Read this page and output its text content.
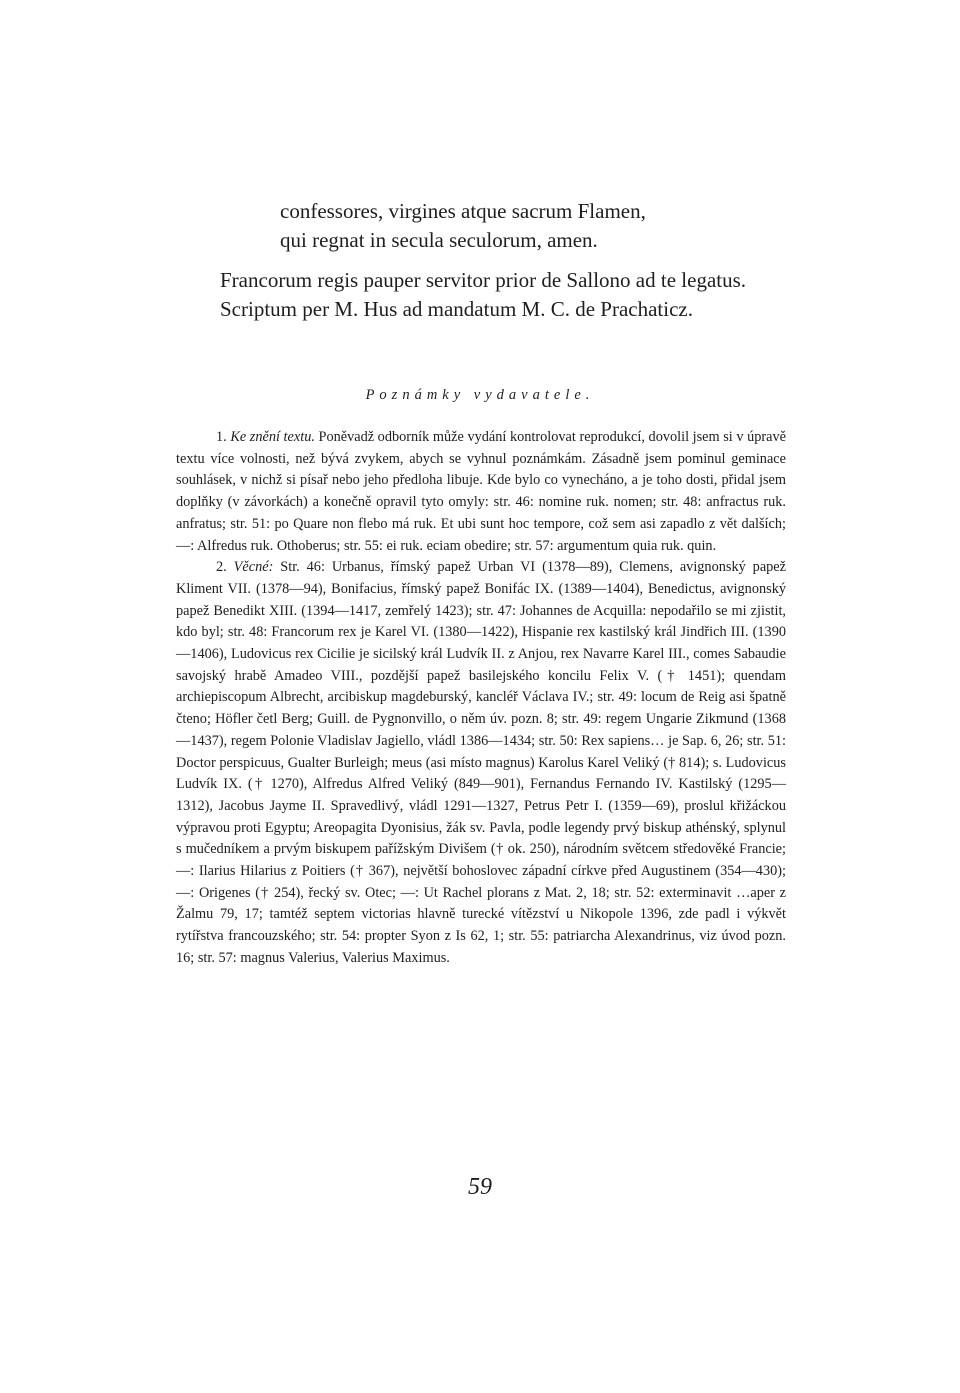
confessores, virgines atque sacrum Flamen,
qui regnat in secula seculorum, amen.

Francorum regis pauper servitor prior de Sallono ad te legatus.

Scriptum per M. Hus ad mandatum M. C. de Prachaticz.

Poznámky vydavatele.

1. Ke znění textu. Poněvadž odborník může vydání kontrolovat reprodukcí, dovolil jsem si v úpravě textu více volnosti, než bývá zvykem, abych se vyhnul poznámkám. Zásadně jsem pominul geminace souhlásek, v nichž si písař nebo jeho předloha libuje. Kde bylo co vynecháno, a je toho dosti, přidal jsem doplňky (v závorkách) a konečně opravil tyto omyly: str. 46: nomine ruk. nomen; str. 48: anfractus ruk. anfratus; str. 51: po Quare non flebo má ruk. Et ubi sunt hoc tempore, což sem asi zapadlo z vět dalších; —: Alfredus ruk. Othoberus; str. 55: ei ruk. eciam obedire; str. 57: argumentum quia ruk. quin.

2. Věcné: Str. 46: Urbanus, římský papež Urban VI (1378—89), Clemens, avignonský papež Kliment VII. (1378—94), Bonifacius, římský papež Bonifác IX. (1389—1404), Benedictus, avignonský papež Benedikt XIII. (1394—1417, zemřelý 1423); str. 47: Johannes de Acquilla: nepodařilo se mi zjistit, kdo byl; str. 48: Francorum rex je Karel VI. (1380—1422), Hispanie rex kastilský král Jindřich III. (1390—1406), Ludovicus rex Cicilie je sicilský král Ludvík II. z Anjou, rex Navarre Karel III., comes Sabaudie savojský hrabě Amadeo VIII., pozdější papež basilejského koncilu Felix V. († 1451); quendam archiepiscopum Albrecht, arcibiskup magdeburský, kancléř Václava IV.; str. 49: locum de Reig asi špatně čteno; Höfler četl Berg; Guill. de Pygnonvillo, o něm úv. pozn. 8; str. 49: regem Ungarie Zikmund (1368—1437), regem Polonie Vladislav Jagiello, vládl 1386—1434; str. 50: Rex sapiens… je Sap. 6, 26; str. 51: Doctor perspicuus, Gualter Burleigh; meus (asi místo magnus) Karolus Karel Veliký († 814); s. Ludovicus Ludvík IX. († 1270), Alfredus Alfred Veliký (849—901), Fernandus Fernando IV. Kastilský (1295—1312), Jacobus Jayme II. Spravedlivý, vládl 1291—1327, Petrus Petr I. (1359—69), proslul křižáckou výpravou proti Egyptu; Areopagita Dyonisius, žák sv. Pavla, podle legendy prvý biskup athénský, splynul s mučedníkem a prvým biskupem pařížským Divišem († ok. 250), národním světcem středověké Francie; —: Ilarius Hilarius z Poitiers († 367), největší bohoslovec západní církve před Augustinem (354—430); —: Origenes († 254), řecký sv. Otec; —: Ut Rachel plorans z Mat. 2, 18; str. 52: exterminavit …aper z Žalmu 79, 17; tamtéž septem victorias hlavně turecké vítězství u Nikopole 1396, zde padl i výkvět rytířstva francouzského; str. 54: propter Syon z Is 62, 1; str. 55: patriarcha Alexandrinus, viz úvod pozn. 16; str. 57: magnus Valerius, Valerius Maximus.

59
